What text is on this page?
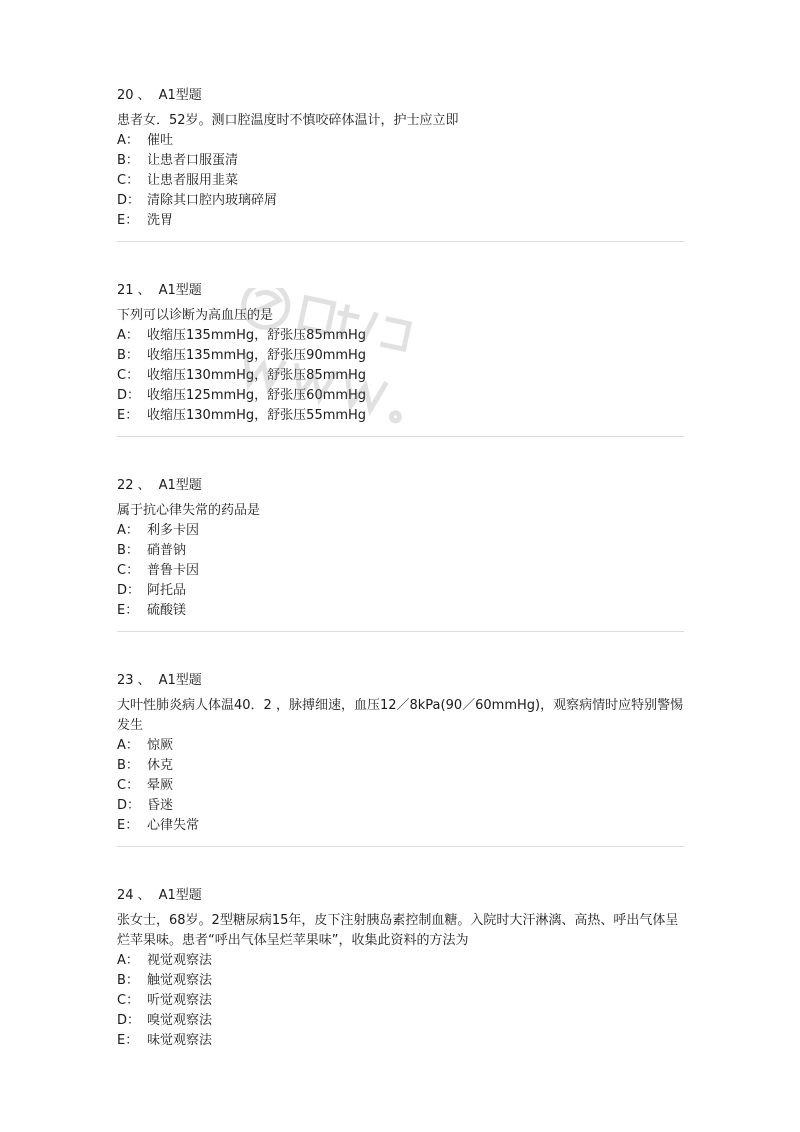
20 、 A1型题
患者女．52岁。测口腔温度时不慎咬碎体温计，护士应立即
A： 催吐
B： 让患者口服蛋清
C： 让患者服用韭菜
D： 清除其口腔内玻璃碎屑
E： 洗胃
21 、 A1型题
下列可以诊断为高血压的是
A： 收缩压135mmHg，舒张压85mmHg
B： 收缩压135mmHg，舒张压90mmHg
C： 收缩压130mmHg，舒张压85mmHg
D： 收缩压125mmHg，舒张压60mmHg
E： 收缩压130mmHg，舒张压55mmHg
22 、 A1型题
属于抗心律失常的药品是
A： 利多卡因
B： 硝普钠
C： 普鲁卡因
D： 阿托品
E： 硫酸镁
23 、 A1型题
大叶性肺炎病人体温40．2 ，脉搏细速，血压12／8kPa(90／60mmHg)，观察病情时应特别警惕发生
A： 惊厥
B： 休克
C： 晕厥
D： 昏迷
E： 心律失常
24 、 A1型题
张女士，68岁。2型糖尿病15年，皮下注射胰岛素控制血糖。入院时大汗淋漓、高热、呼出气体呈烂苹果味。患者“呼出气体呈烂苹果味”，收集此资料的方法为
A： 视觉观察法
B： 触觉观察法
C： 听觉观察法
D： 嗅觉观察法
E： 味觉观察法
